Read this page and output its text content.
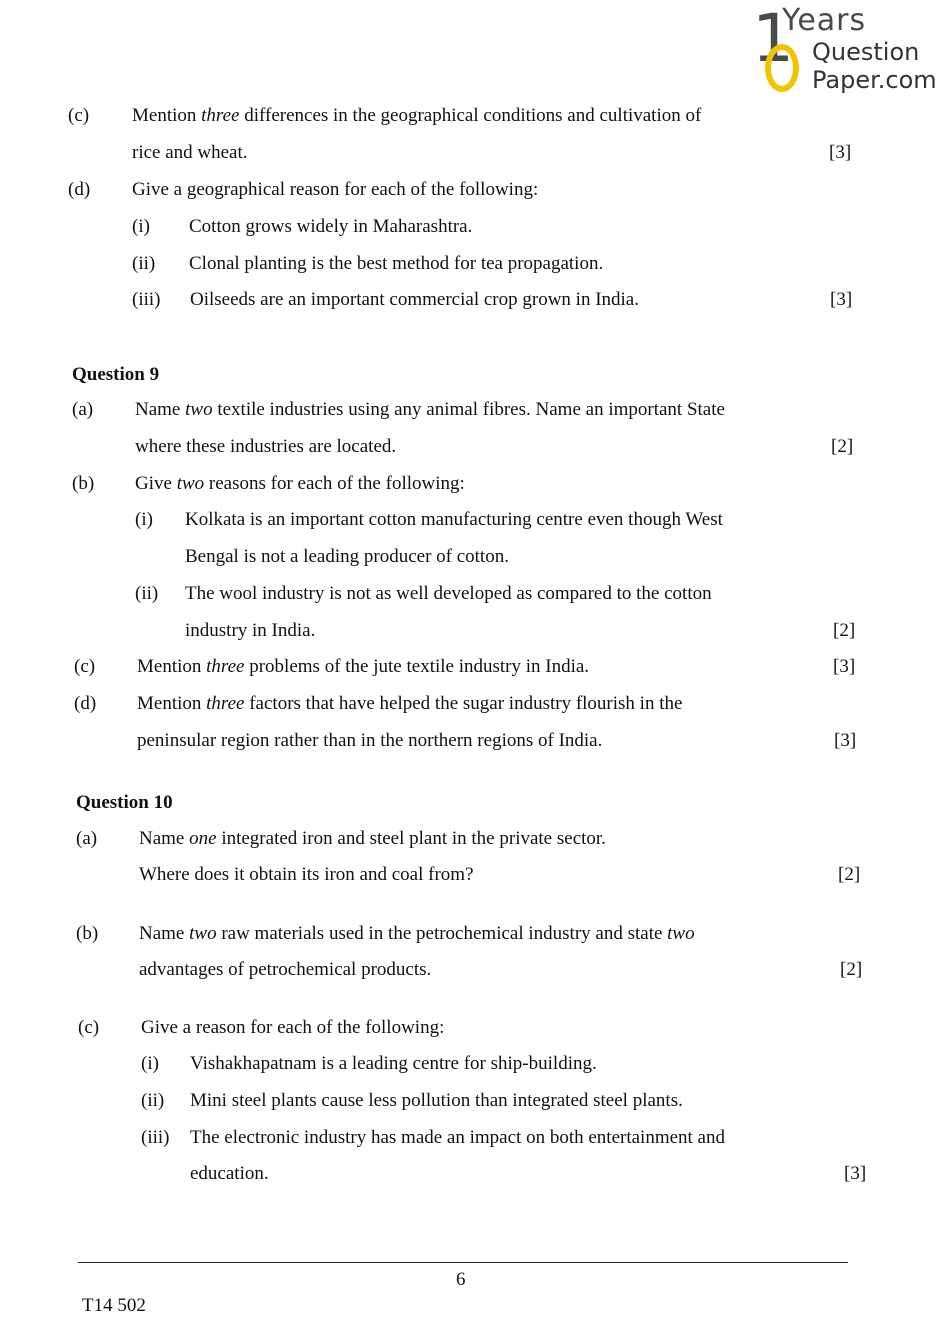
1
Years
Question
Paper.com
(c) Mention three differences in the geographical conditions and cultivation of
rice and wheat.	[3]
(d) Give a geographical reason for each of the following:
(i) Cotton grows widely in Maharashtra.
(ii) Clonal planting is the best method for tea propagation.
(iii) Oilseeds are an important commercial crop grown in India.	[3]
Question 9
(a) Name two textile industries using any animal fibres. Name an important State
where these industries are located.	[2]
(b) Give two reasons for each of the following:
(i) Kolkata is an important cotton manufacturing centre even though West
Bengal is not a leading producer of cotton.
(ii) The wool industry is not as well developed as compared to the cotton
industry in India.	[2]
(c) Mention three problems of the jute textile industry in India.	[3]
(d) Mention three factors that have helped the sugar industry flourish in the
peninsular region rather than in the northern regions of India.	[3]
Question 10
(a) Name one integrated iron and steel plant in the private sector.
Where does it obtain its iron and coal from?	[2]
(b) Name two raw materials used in the petrochemical industry and state two
advantages of petrochemical products.	[2]
(c) Give a reason for each of the following:
(i) Vishakhapatnam is a leading centre for ship-building.
(ii) Mini steel plants cause less pollution than integrated steel plants.
(iii) The electronic industry has made an impact on both entertainment and
education.	[3]
6
T14 502
